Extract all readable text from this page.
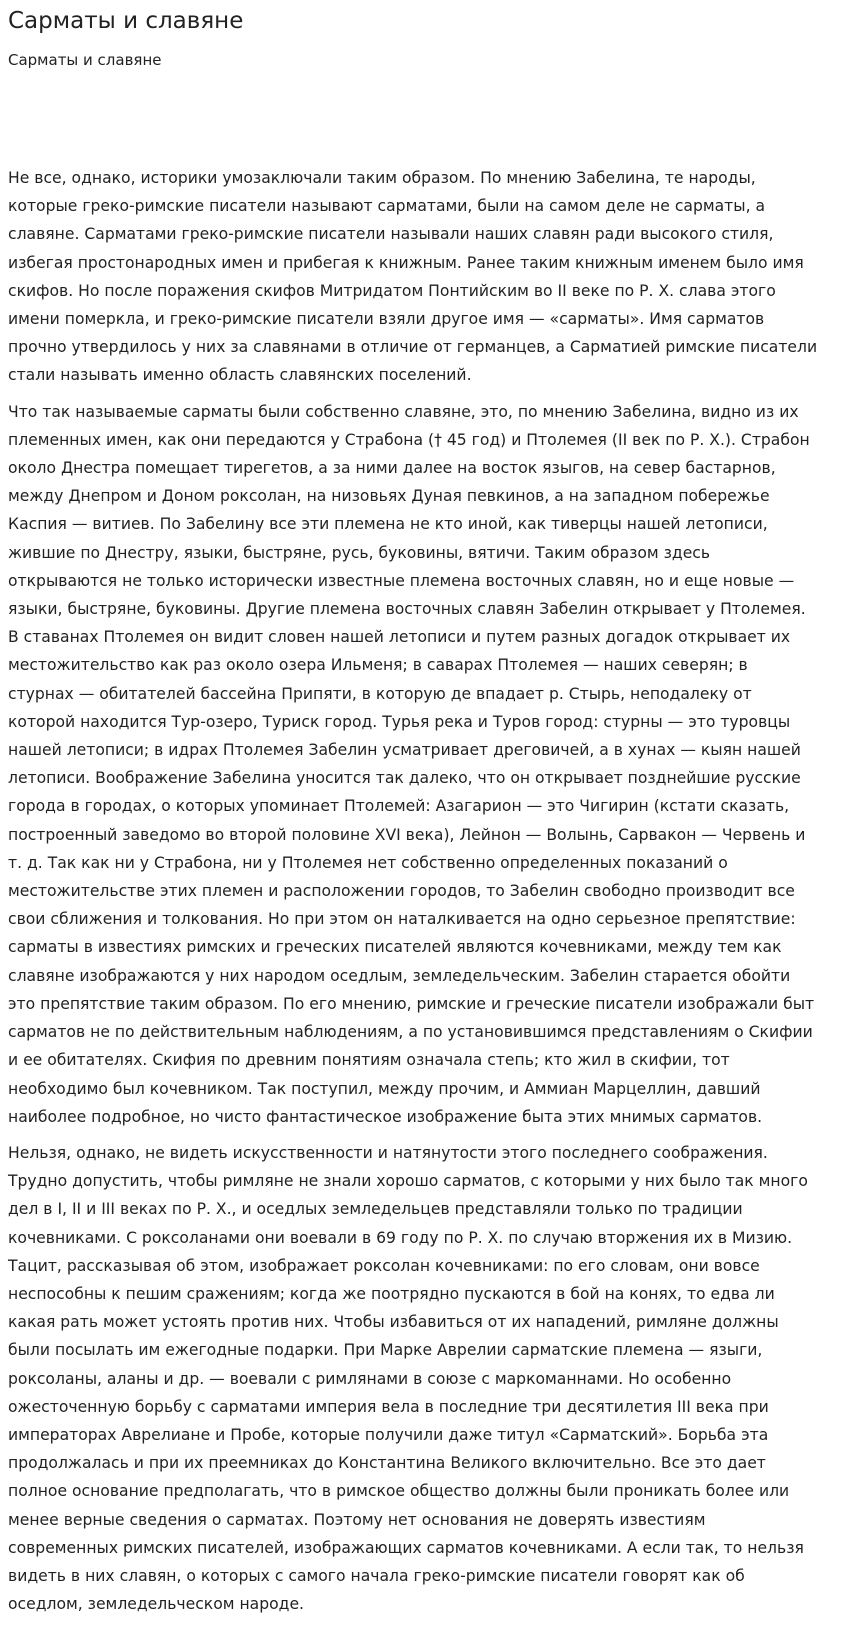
Сарматы и славяне
Сарматы и славяне

Не все, однако, историки умозаключали таким образом. По мнению Забелина, те народы,
которые греко-римские писатели называют сарматами, были на самом деле не сарматы, а
славяне. Сарматами греко-римские писатели называли наших славян ради высокого стиля,
избегая простонародных имен и прибегая к книжным. Ранее таким книжным именем было имя
скифов. Но после поражения скифов Митридатом Понтийским во II веке по Р. Х. слава этого
имени померкла, и греко-римские писатели взяли другое имя — «сарматы». Имя сарматов
прочно утвердилось у них за славянами в отличие от германцев, а Сарматией римские писатели
стали называть именно область славянских поселений.

Что так называемые сарматы были собственно славяне, это, по мнению Забелина, видно из их
племенных имен, как они передаются у Страбона († 45 год) и Птолемея (II век по Р. Х.). Страбон
около Днестра помещает тирегетов, а за ними далее на восток языгов, на север бастарнов,
между Днепром и Доном роксолан, на низовьях Дуная певкинов, а на западном побережье
Каспия — витиев. По Забелину все эти племена не кто иной, как тиверцы нашей летописи,
жившие по Днестру, языки, быстряне, русь, буковины, вятичи. Таким образом здесь
открываются не только исторически известные племена восточных славян, но и еще новые —
языки, быстряне, буковины. Другие племена восточных славян Забелин открывает у Птолемея.
В ставанах Птолемея он видит словен нашей летописи и путем разных догадок открывает их
местожительство как раз около озера Ильменя; в саварах Птолемея — наших северян; в
стурнах — обитателей бассейна Припяти, в которую де впадает р. Стырь, неподалеку от
которой находится Тур-озеро, Туриск город. Турья река и Туров город: стурны — это туровцы
нашей летописи; в идрах Птолемея Забелин усматривает дреговичей, а в хунах — кыян нашей
летописи. Воображение Забелина уносится так далеко, что он открывает позднейшие русские
города в городах, о которых упоминает Птолемей: Азагарион — это Чигирин (кстати сказать,
построенный заведомо во второй половине XVI века), Лейнон — Волынь, Сарвакон — Червень и
т. д. Так как ни у Страбона, ни у Птолемея нет собственно определенных показаний о
местожительстве этих племен и расположении городов, то Забелин свободно производит все
свои сближения и толкования. Но при этом он наталкивается на одно серьезное препятствие:
сарматы в известиях римских и греческих писателей являются кочевниками, между тем как
славяне изображаются у них народом оседлым, земледельческим. Забелин старается обойти
это препятствие таким образом. По его мнению, римские и греческие писатели изображали быт
сарматов не по действительным наблюдениям, а по установившимся представлениям о Скифии
и ее обитателях. Скифия по древним понятиям означала степь; кто жил в скифии, тот
необходимо был кочевником. Так поступил, между прочим, и Аммиан Марцеллин, давший
наиболее подробное, но чисто фантастическое изображение быта этих мнимых сарматов.

Нельзя, однако, не видеть искусственности и натянутости этого последнего соображения.
Трудно допустить, чтобы римляне не знали хорошо сарматов, с которыми у них было так много
дел в I, II и III веках по Р. Х., и оседлых земледельцев представляли только по традиции
кочевниками. С роксоланами они воевали в 69 году по Р. Х. по случаю вторжения их в Мизию.
Тацит, рассказывая об этом, изображает роксолан кочевниками: по его словам, они вовсе
неспособны к пешим сражениям; когда же поотрядно пускаются в бой на конях, то едва ли
какая рать может устоять против них. Чтобы избавиться от их нападений, римляне должны
были посылать им ежегодные подарки. При Марке Аврелии сарматские племена — языги,
роксоланы, аланы и др. — воевали с римлянами в союзе с маркоманнами. Но особенно
ожесточенную борьбу с сарматами империя вела в последние три десятилетия III века при
императорах Аврелиане и Пробе, которые получили даже титул «Сарматский». Борьба эта
продолжалась и при их преемниках до Константина Великого включительно. Все это дает
полное основание предполагать, что в римское общество должны были проникать более или
менее верные сведения о сарматах. Поэтому нет основания не доверять известиям
современных римских писателей, изображающих сарматов кочевниками. А если так, то нельзя
видеть в них славян, о которых с самого начала греко-римские писатели говорят как об
оседлом, земледельческом народе.
